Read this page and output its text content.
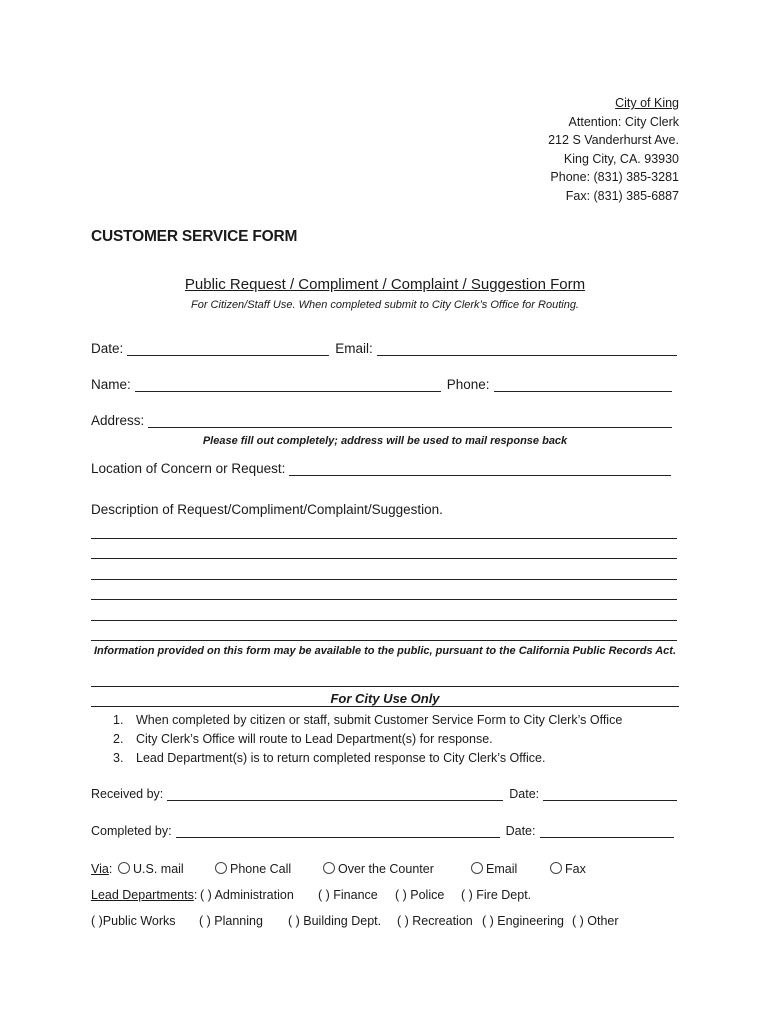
City of King
Attention: City Clerk
212 S Vanderhurst Ave.
King City, CA. 93930
Phone: (831) 385-3281
Fax: (831) 385-6887
CUSTOMER SERVICE FORM
Public Request / Compliment / Complaint / Suggestion Form
For Citizen/Staff Use. When completed submit to City Clerk’s Office for Routing.
Date:	Email:
Name:	Phone:
Address:
Please fill out completely; address will be used to mail response back
Location of Concern or Request:
Description of Request/Compliment/Complaint/Suggestion.
Information provided on this form may be available to the public, pursuant to the California Public Records Act.
For City Use Only
1. When completed by citizen or staff, submit Customer Service Form to City Clerk’s Office
2. City Clerk’s Office will route to Lead Department(s) for response.
3. Lead Department(s) is to return completed response to City Clerk’s Office.
Received by:	Date:
Completed by:	Date:
Via:	U.S. mail	Phone Call	Over the Counter	Email	Fax
Lead Departments: ( ) Administration ( ) Finance ( ) Police ( ) Fire Dept.
( )Public Works ( ) Planning ( ) Building Dept. ( ) Recreation ( ) Engineering ( ) Other
